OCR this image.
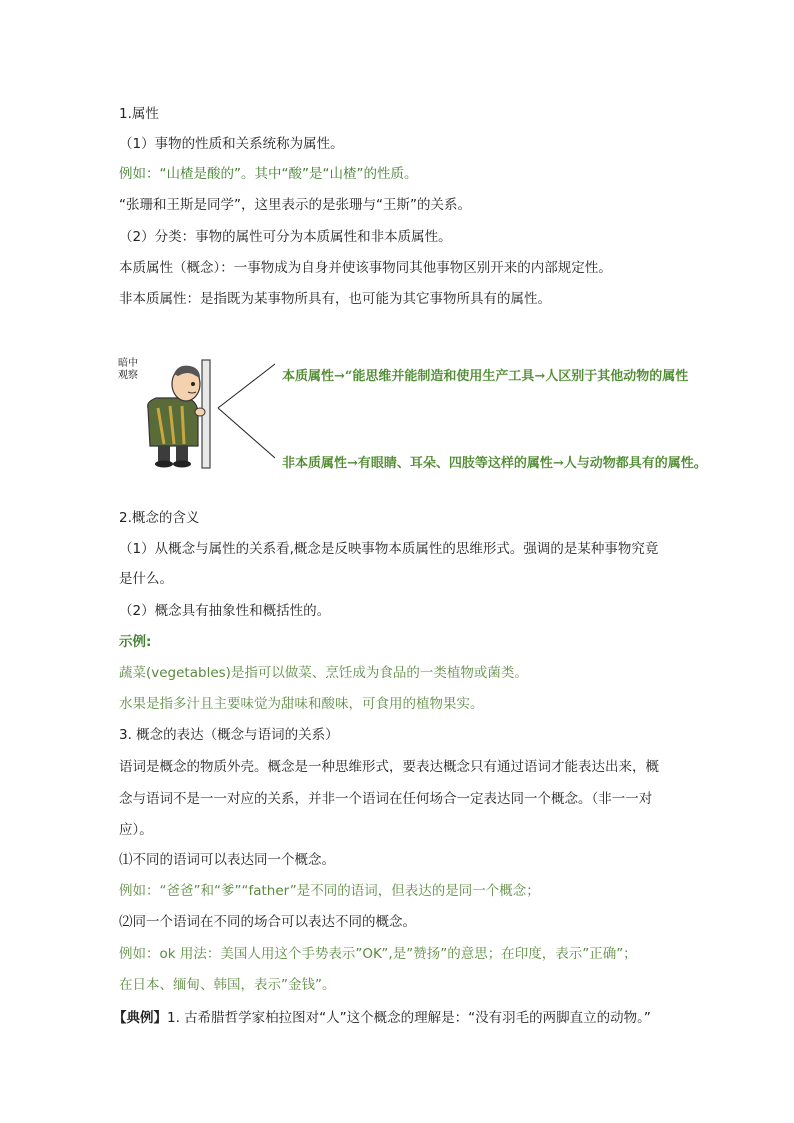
1.属性
（1）事物的性质和关系统称为属性。
例如：“山楂是酸的”。其中“酸”是“山楂”的性质。
“张珊和王斯是同学”，这里表示的是张珊与“王斯”的关系。
（2）分类：事物的属性可分为本质属性和非本质属性。
本质属性（概念）：一事物成为自身并使该事物同其他事物区别开来的内部规定性。
非本质属性：是指既为某事物所具有，也可能为其它事物所具有的属性。
暗中
观察	本质属性→“能思维并能制造和使用生产工具→人区别于其他动物的属性
非本质属性→有眼睛、耳朵、四肢等这样的属性→人与动物都具有的属性。
2.概念的含义
（1）从概念与属性的关系看,概念是反映事物本质属性的思维形式。强调的是某种事物究竟
是什么。
（2）概念具有抽象性和概括性的。
示例:
蔬菜(vegetables)是指可以做菜、烹饪成为食品的一类植物或菌类。
水果是指多汁且主要味觉为甜味和酸味，可食用的植物果实。
3. 概念的表达（概念与语词的关系）
语词是概念的物质外壳。概念是一种思维形式，要表达概念只有通过语词才能表达出来，概
念与语词不是一一对应的关系，并非一个语词在任何场合一定表达同一个概念。（非一一对
应）。
⑴不同的语词可以表达同一个概念。
例如：“爸爸”和“爹”“father”是不同的语词，但表达的是同一个概念；
⑵同一个语词在不同的场合可以表达不同的概念。
例如：ok 用法：美国人用这个手势表示”OK”,是”赞扬”的意思；在印度，表示”正确”；
在日本、缅甸、韩国，表示”金钱”。
【典例】1. 古希腊哲学家柏拉图对“人”这个概念的理解是：“没有羽毛的两脚直立的动物。”
